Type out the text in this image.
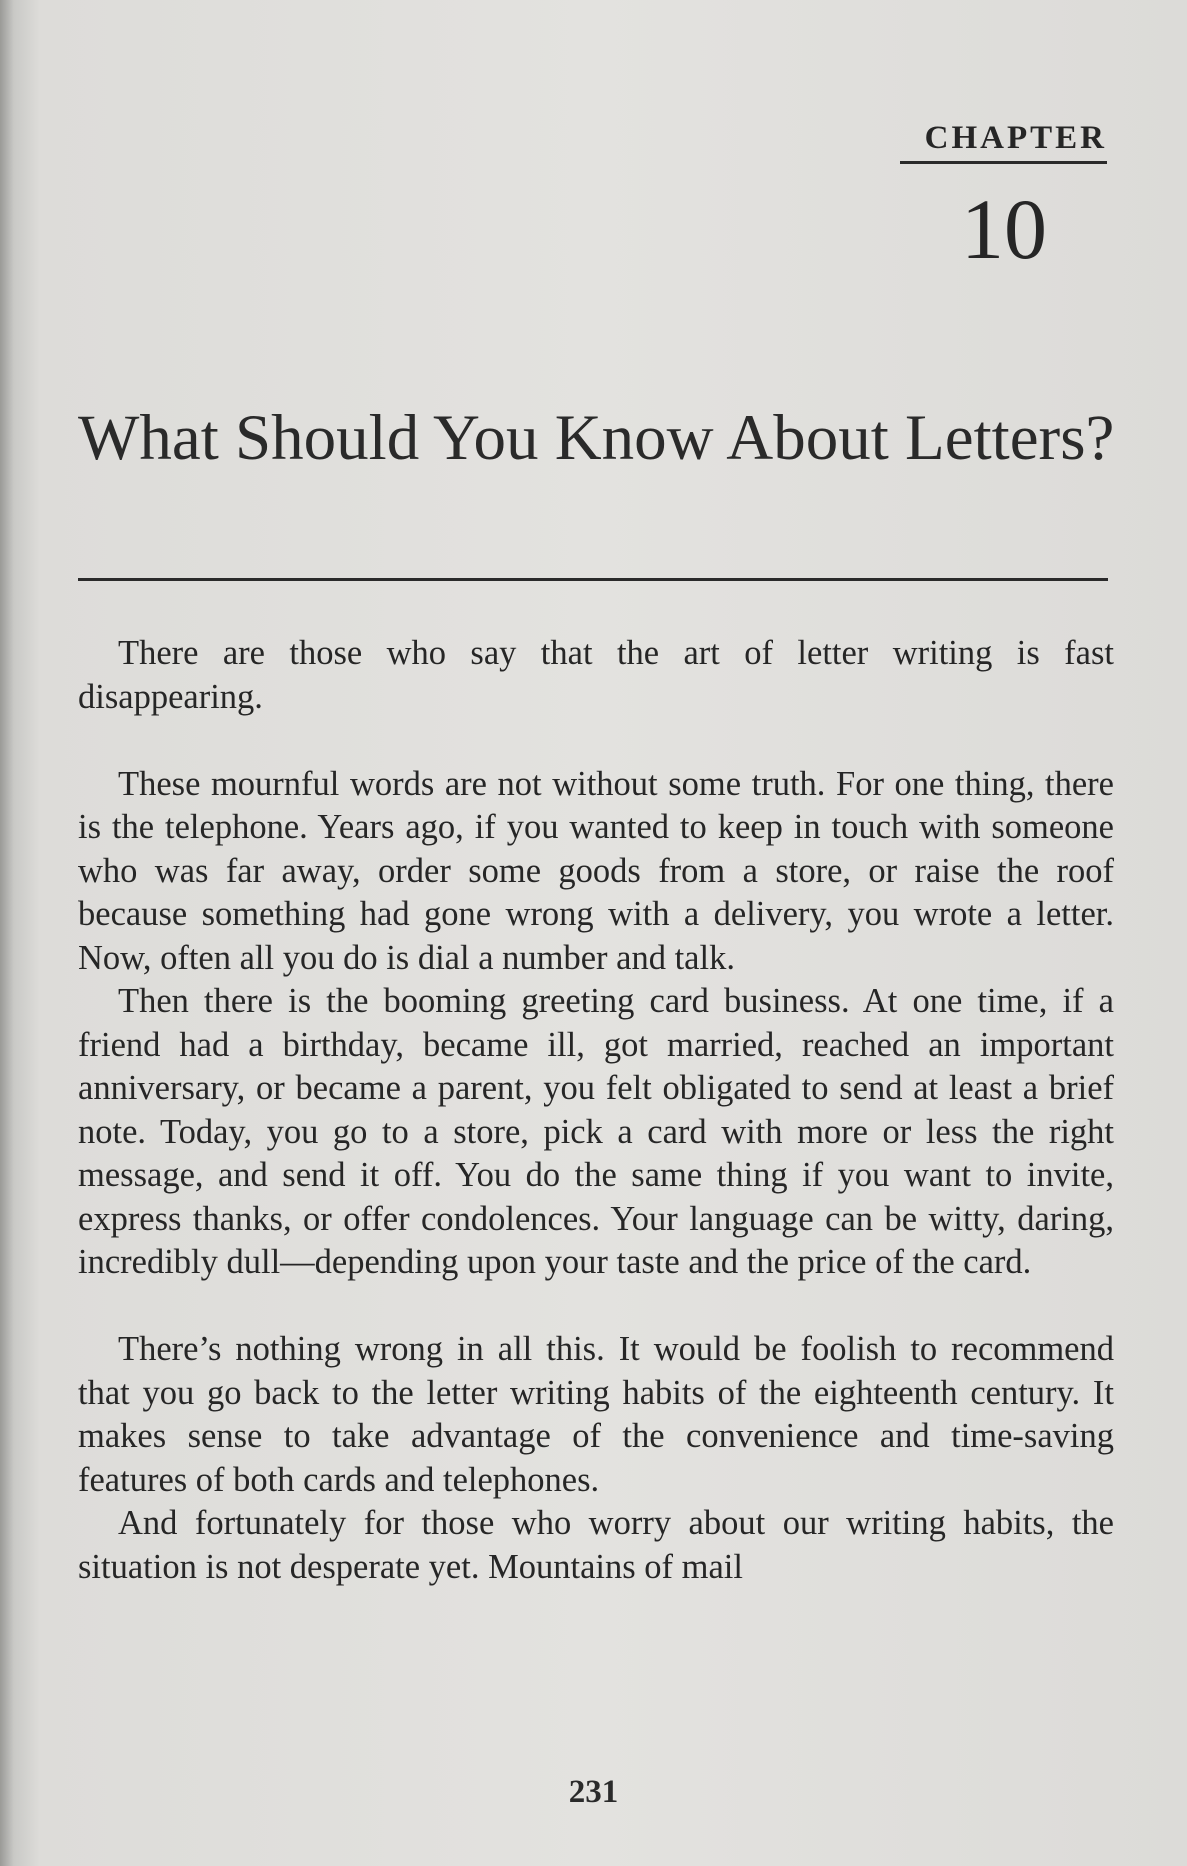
CHAPTER
10
What Should You Know About Letters?

There are those who say that the art of letter writing is fast disappearing.

These mournful words are not without some truth. For one thing, there is the telephone. Years ago, if you wanted to keep in touch with someone who was far away, order some goods from a store, or raise the roof because something had gone wrong with a delivery, you wrote a letter. Now, often all you do is dial a number and talk.

Then there is the booming greeting card business. At one time, if a friend had a birthday, became ill, got married, reached an important anniversary, or became a parent, you felt obligated to send at least a brief note. Today, you go to a store, pick a card with more or less the right message, and send it off. You do the same thing if you want to invite, express thanks, or offer condolences. Your language can be witty, daring, incredibly dull—depending upon your taste and the price of the card.

There’s nothing wrong in all this. It would be foolish to recommend that you go back to the letter writing habits of the eighteenth century. It makes sense to take advantage of the convenience and time-saving features of both cards and telephones.

And fortunately for those who worry about our writing habits, the situation is not desperate yet. Mountains of mail

231
